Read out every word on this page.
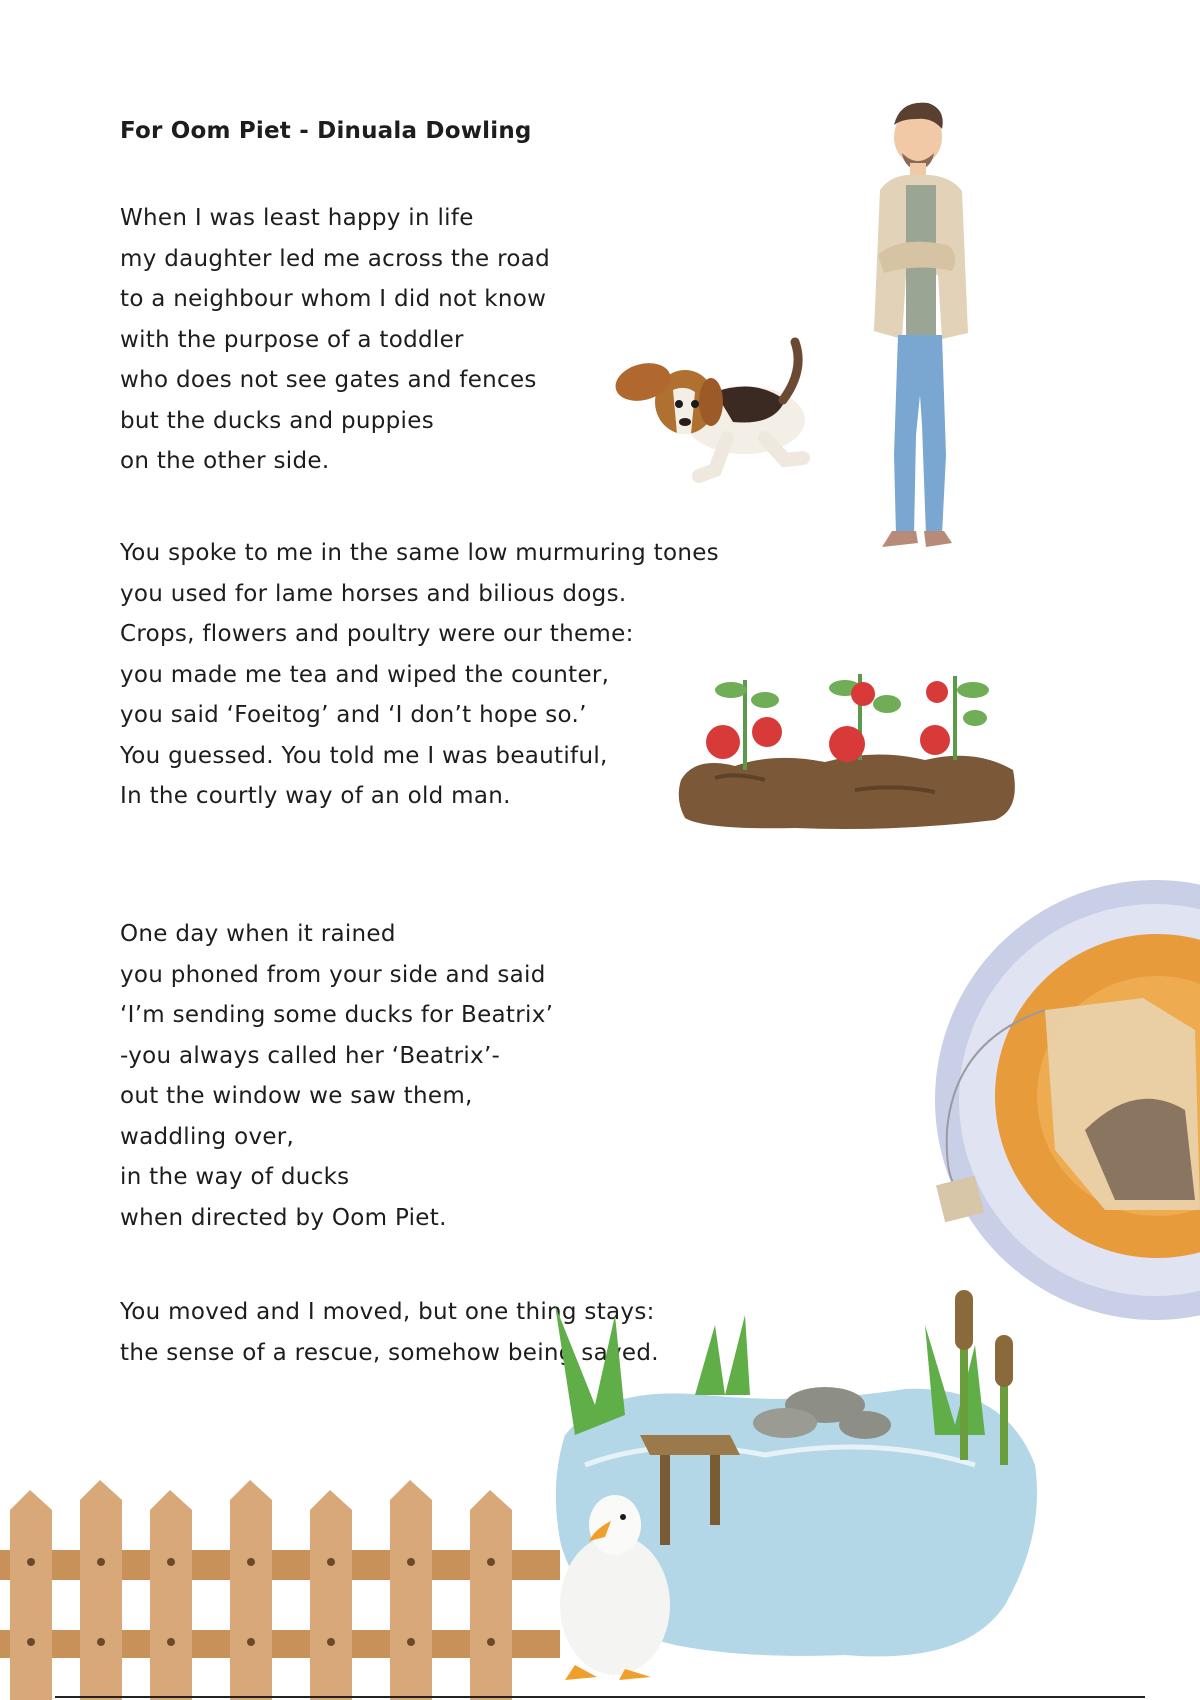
For Oom Piet - Dinuala Dowling
When I was least happy in life
my daughter led me across the road
to a neighbour whom I did not know
with the purpose of a toddler
who does not see gates and fences
but the ducks and puppies
on the other side.
You spoke to me in the same low murmuring tones
you used for lame horses and bilious dogs.
Crops, flowers and poultry were our theme:
you made me tea and wiped the counter,
you said ‘Foeitog’ and ‘I don’t hope so.’
You guessed. You told me I was beautiful,
In the courtly way of an old man.
One day when it rained
you phoned from your side and said
‘I’m sending some ducks for Beatrix’
-you always called her ‘Beatrix’-
out the window we saw them,
waddling over,
in the way of ducks
when directed by Oom Piet.
You moved and I moved, but one thing stays:
the sense of a rescue, somehow being saved.
